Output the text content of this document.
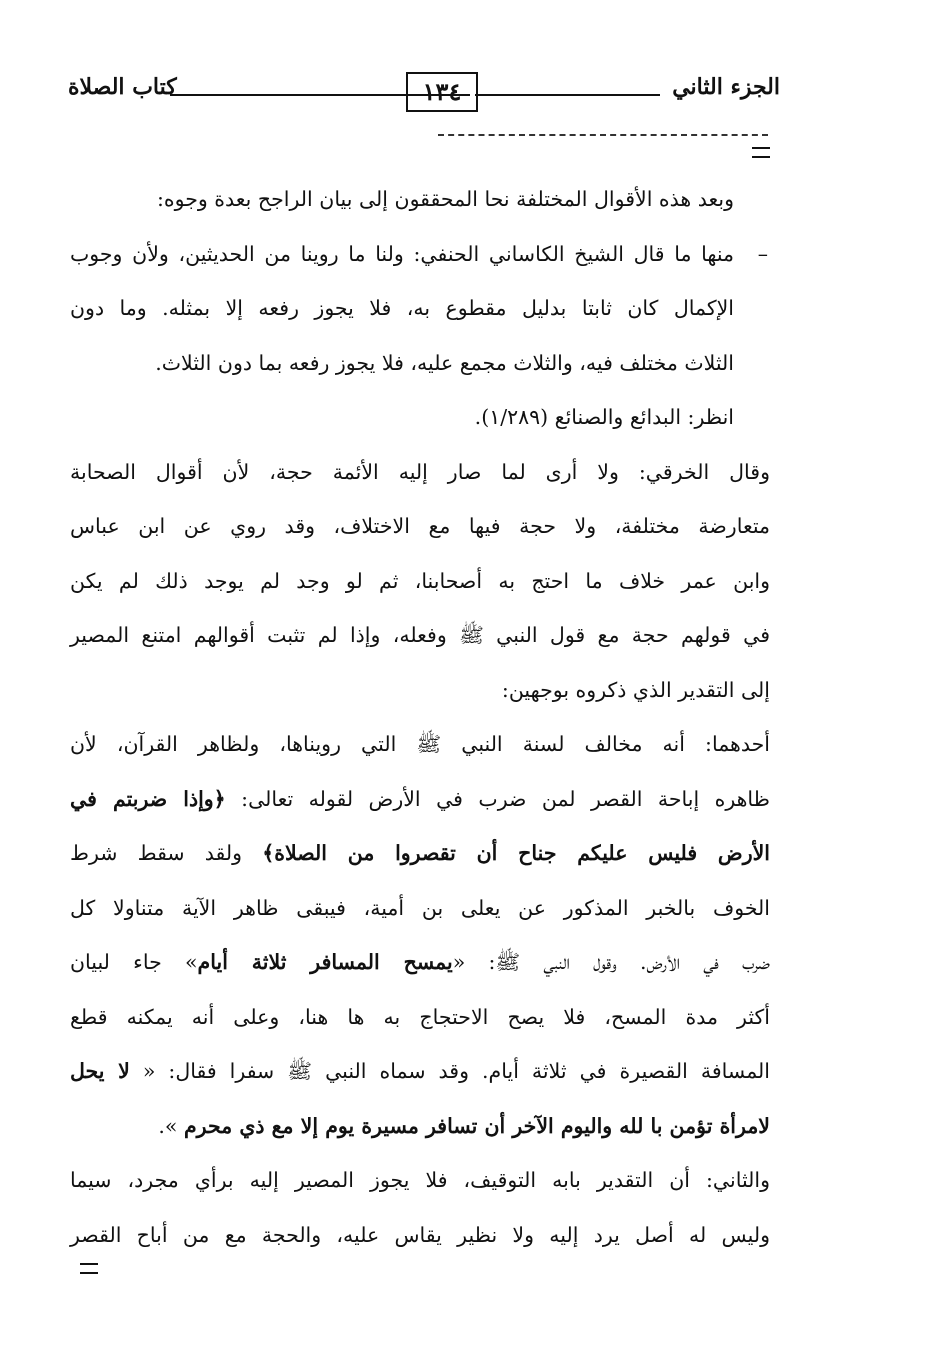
الجزء الثاني
١٣٤
كتاب الصلاة
وبعد هذه الأقوال المختلفة نحا المحققون إلى بيان الراجح بعدة وجوه:
–
منها ما قال الشيخ الكاساني الحنفي: ولنا ما روينا من الحديثين، ولأن وجوب
الإكمال كان ثابتا بدليل مقطوع به، فلا يجوز رفعه إلا بمثله. وما دون
الثلاث مختلف فيه، والثلاث مجمع عليه، فلا يجوز رفعه بما دون الثلاث.
انظر: البدائع والصنائع (١/٢٨٩).
وقال الخرقي: ولا أرى لما صار إليه الأئمة حجة، لأن أقوال الصحابة
متعارضة مختلفة، ولا حجة فيها مع الاختلاف، وقد روي عن ابن عباس
وابن عمر خلاف ما احتج به أصحابنا، ثم لو وجد لم يوجد ذلك لم يكن
في قولهم حجة مع قول النبي ﷺ وفعله، وإذا لم تثبت أقوالهم امتنع المصير
إلى التقدير الذي ذكروه بوجهين:
أحدهما: أنه مخالف لسنة النبي ﷺ التي رويناها، ولظاهر القرآن، لأن
ظاهره إباحة القصر لمن ضرب في الأرض لقوله تعالى: ﴿وإذا ضربتم في
الأرض فليس عليكم جناح أن تقصروا من الصلاة﴾ ولقد سقط شرط
الخوف بالخبر المذكور عن يعلى بن أمية، فيبقى ظاهر الآية متناولا كل
ضرب في الأرض. وقول النبي ﷺ: «يمسح المسافر ثلاثة أيام» جاء لبيان
أكثر مدة المسح، فلا يصح الاحتجاج به ها هنا، وعلى أنه يمكنه قطع
المسافة القصيرة في ثلاثة أيام. وقد سماه النبي ﷺ سفرا فقال: « لا يحل
لامرأة تؤمن با لله واليوم الآخر أن تسافر مسيرة يوم إلا مع ذي محرم ».
والثاني: أن التقدير بابه التوقيف، فلا يجوز المصير إليه برأي مجرد، سيما
وليس له أصل يرد إليه ولا نظير يقاس عليه، والحجة مع من أباح القصر
